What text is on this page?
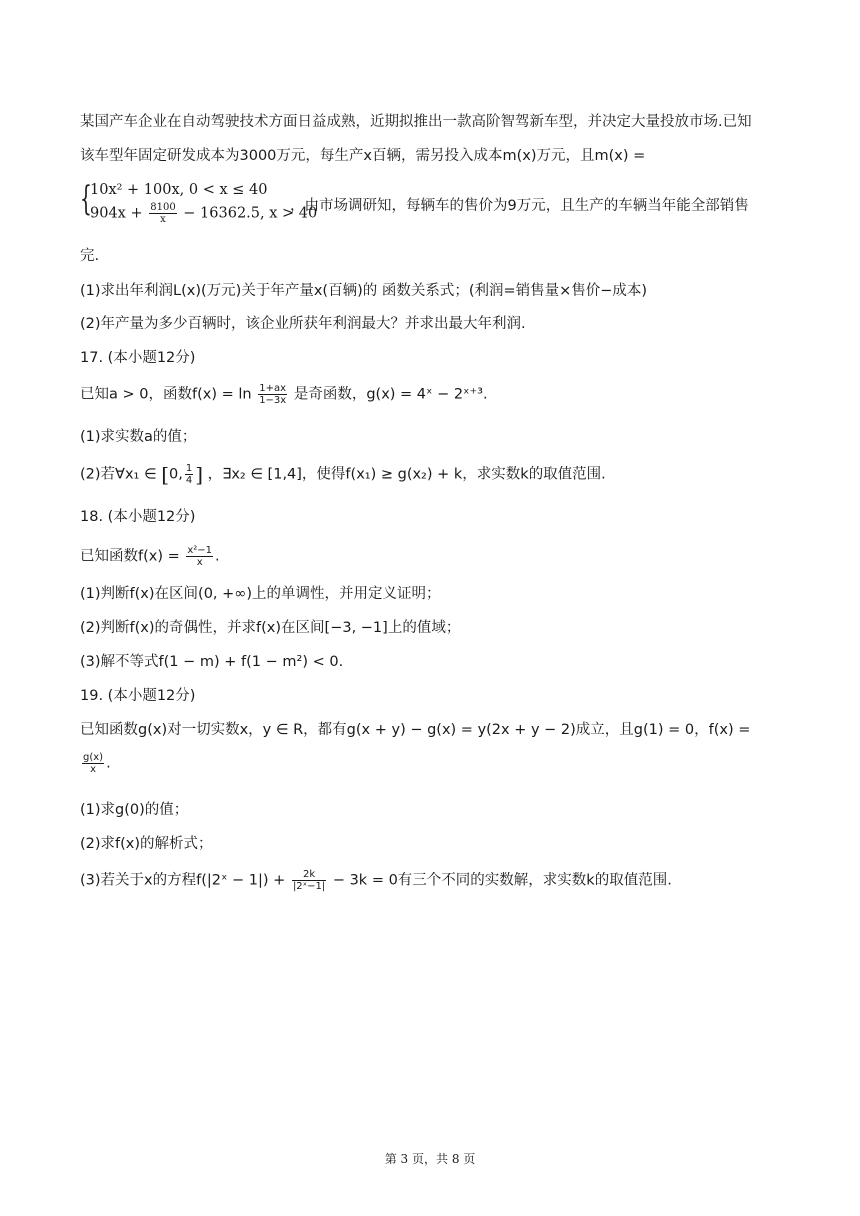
某国产车企业在自动驾驶技术方面日益成熟，近期拟推出一款高阶智驾新车型，并决定大量投放市场.已知
该车型年固定研发成本为3000万元，每生产x百辆，需另投入成本m(x)万元，且m(x) =
{
10x² + 100x, 0 < x ≤ 40
$904x + \frac{8100}{x} - 16362.5$, x > 40
，由市场调研知，每辆车的售价为9万元，且生产的车辆当年能全部销售
完.
(1)求出年利润L(x)(万元)关于年产量x(百辆)的 函数关系式；(利润=销售量×售价−成本)
(2)年产量为多少百辆时，该企业所获年利润最大？并求出最大年利润.
17. (本小题12分)
已知a > 0，函数$f(x) = \ln \frac{1+ax}{1-3x}$ 是奇函数，g(x) = 4ˣ − 2ˣ⁺³.
(1)求实数a的值；
(2)若∀x₁ ∈ [0, $\frac{1}{4}$ ] ，∃x₂ ∈ [1,4]，使得f(x₁) ≥ g(x₂) + k，求实数k的取值范围.
18. (本小题12分)
已知函数$f(x) = \frac{\text{x²−1}}{x}$ .
(1)判断f(x)在区间(0, +∞)上的单调性，并用定义证明；
(2)判断f(x)的奇偶性，并求f(x)在区间[−3, −1]上的值域；
(3)解不等式f(1 − m) + f(1 − m²) < 0.
19. (本小题12分)
已知函数g(x)对一切实数x，y ∈ R，都有g(x + y) − g(x) = y(2x + y − 2)成立，且g(1) = 0，f(x) =
$\frac{g(x)}{x}$ .
(1)求g(0)的值；
(2)求f(x)的解析式；
(3)若关于x的方程f(|2ˣ − $1|) + \frac{2k}{\text{|2ˣ−1|}} - 3k = 0$有三个不同的实数解，求实数k的取值范围.
第 3 页，共 8 页
